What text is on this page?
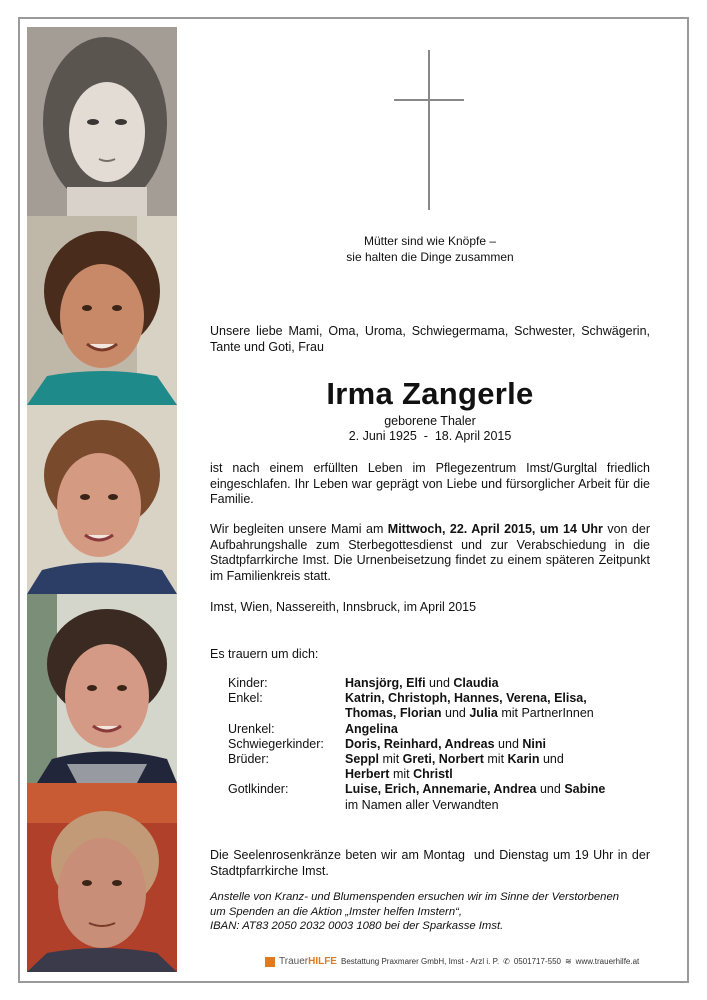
Mütter sind wie Knöpfe –
sie halten die Dinge zusammen
Unsere liebe Mami, Oma, Uroma, Schwiegermama, Schwester, Schwägerin, Tante und Goti, Frau
Irma Zangerle
geborene Thaler
2. Juni 1925  -  18. April 2015
ist nach einem erfüllten Leben im Pflegezentrum Imst/Gurgltal friedlich eingeschlafen. Ihr Leben war geprägt von Liebe und fürsorglicher Arbeit für die Familie.
Wir begleiten unsere Mami am Mittwoch, 22. April 2015, um 14 Uhr von der Aufbahrungshalle zum Sterbegottesdienst und zur Verabschiedung in die Stadtpfarrkirche Imst. Die Urnenbeisetzung findet zu einem späteren Zeitpunkt im Familienkreis statt.
Imst, Wien, Nassereith, Innsbruck, im April 2015
Es trauern um dich:
Kinder:	Hansjörg, Elfi und Claudia
Enkel:	Katrin, Christoph, Hannes, Verena, Elisa,
Thomas, Florian und Julia mit PartnerInnen
Urenkel:	Angelina
Schwiegerkinder:	Doris, Reinhard, Andreas und Nini
Brüder:	Seppl mit Greti, Norbert mit Karin und
Herbert mit Christl
Gotlkinder:	Luise, Erich, Annemarie, Andrea und Sabine
im Namen aller Verwandten
Die Seelenrosenkränze beten wir am Montag  und Dienstag um 19 Uhr in der Stadtpfarrkirche Imst.
Anstelle von Kranz- und Blumenspenden ersuchen wir im Sinne der Verstorbenen
um Spenden an die Aktion „Imster helfen Imstern“,
IBAN: AT83 2050 2032 0003 1080 bei der Sparkasse Imst.
TrauerHILFE Bestattung Praxmarer GmbH, Imst - Arzl i. P. ✆ 0501717-550 ≋ www.trauerhilfe.at
